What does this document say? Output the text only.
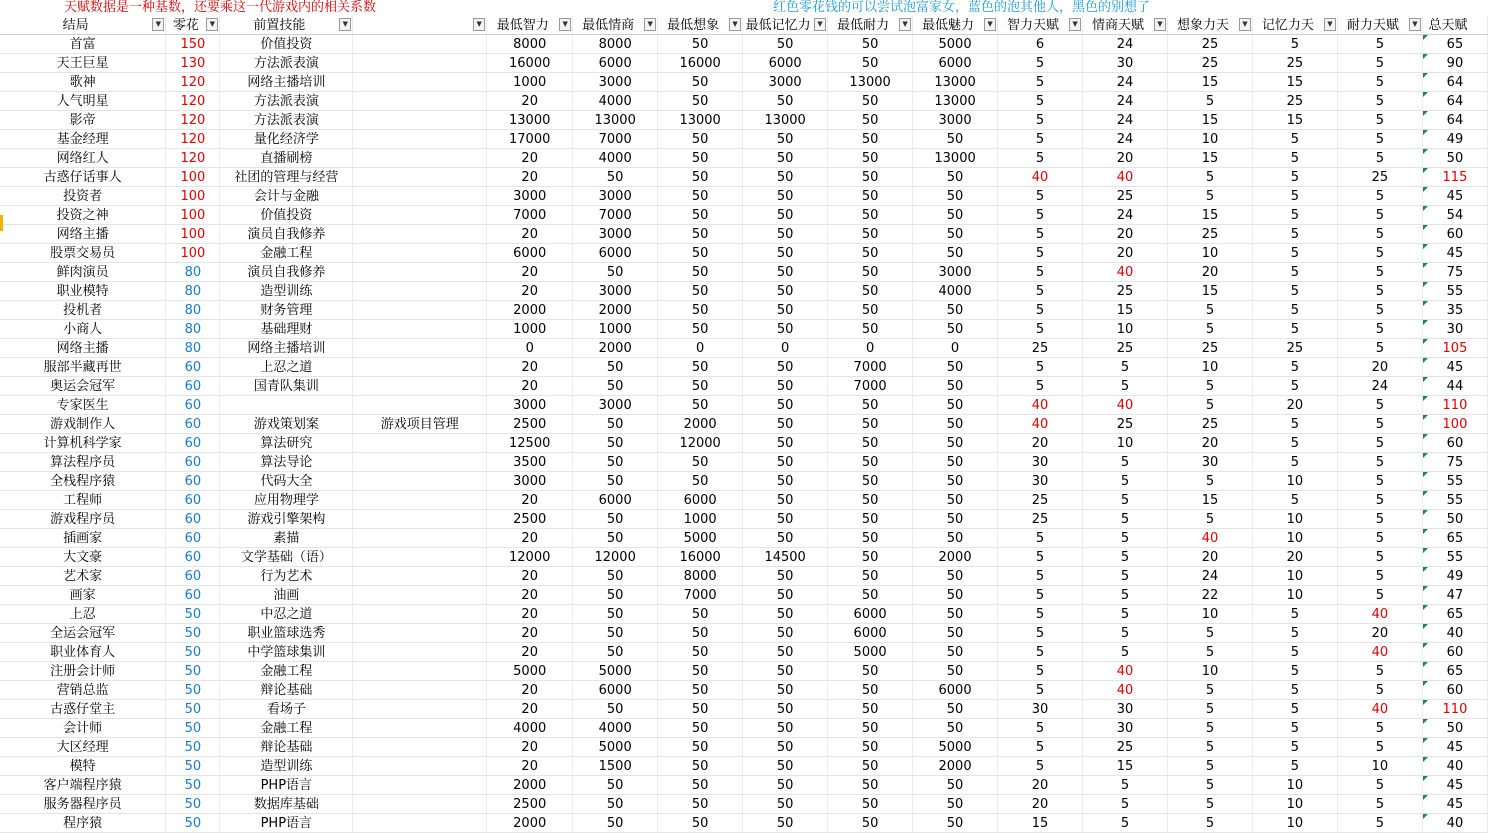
天赋数据是一种基数，还要乘这一代游戏内的相关系数	红色零花钱的可以尝试泡富家女，蓝色的泡其他人，黑色的别想了
结局 ▼	零花 ▼	前置技能 ▼	▼	最低智力 ▼	最低情商 ▼	最低想象 ▼	最低记忆力 ▼	最低耐力 ▼	最低魅力 ▼	智力天赋 ▼	情商天赋 ▼	想象力天 ▼	记忆力天 ▼	耐力天赋 ▼	总天赋

首富	150	价值投资		8000	8000	50	50	50	5000	6	24	25	5	5	65
天王巨星	130	方法派表演		16000	6000	16000	6000	50	6000	5	30	25	25	5	90
歌神	120	网络主播培训		1000	3000	50	3000	13000	13000	5	24	15	15	5	64
人气明星	120	方法派表演		20	4000	50	50	50	13000	5	24	5	25	5	64
影帝	120	方法派表演		13000	13000	13000	13000	50	3000	5	24	15	15	5	64
基金经理	120	量化经济学		17000	7000	50	50	50	50	5	24	10	5	5	49
网络红人	120	直播刷榜		20	4000	50	50	50	13000	5	20	15	5	5	50
古惑仔话事人	100	社团的管理与经营		20	50	50	50	50	50	40	40	5	5	25	115
投资者	100	会计与金融		3000	3000	50	50	50	50	5	25	5	5	5	45
投资之神	100	价值投资		7000	7000	50	50	50	50	5	24	15	5	5	54
网络主播	100	演员自我修养		20	3000	50	50	50	50	5	20	25	5	5	60
股票交易员	100	金融工程		6000	6000	50	50	50	50	5	20	10	5	5	45
鲜肉演员	80	演员自我修养		20	50	50	50	50	3000	5	40	20	5	5	75
职业模特	80	造型训练		20	3000	50	50	50	4000	5	25	15	5	5	55
投机者	80	财务管理		2000	2000	50	50	50	50	5	15	5	5	5	35
小商人	80	基础理财		1000	1000	50	50	50	50	5	10	5	5	5	30
网络主播	80	网络主播培训		0	2000	0	0	0	0	25	25	25	25	5	105
服部半藏再世	60	上忍之道		20	50	50	50	7000	50	5	5	10	5	20	45
奥运会冠军	60	国青队集训		20	50	50	50	7000	50	5	5	5	5	24	44
专家医生	60			3000	3000	50	50	50	50	40	40	5	20	5	110
游戏制作人	60	游戏策划案	游戏项目管理	2500	50	2000	50	50	50	40	25	25	5	5	100
计算机科学家	60	算法研究		12500	50	12000	50	50	50	20	10	20	5	5	60
算法程序员	60	算法导论		3500	50	50	50	50	50	30	5	30	5	5	75
全栈程序猿	60	代码大全		3000	50	50	50	50	50	30	5	5	10	5	55
工程师	60	应用物理学		20	6000	6000	50	50	50	25	5	15	5	5	55
游戏程序员	60	游戏引擎架构		2500	50	1000	50	50	50	25	5	5	10	5	50
插画家	60	素描		20	50	5000	50	50	50	5	5	40	10	5	65
大文豪	60	文学基础（语）		12000	12000	16000	14500	50	2000	5	5	20	20	5	55
艺术家	60	行为艺术		20	50	8000	50	50	50	5	5	24	10	5	49
画家	60	油画		20	50	7000	50	50	50	5	5	22	10	5	47
上忍	50	中忍之道		20	50	50	50	6000	50	5	5	10	5	40	65
全运会冠军	50	职业篮球选秀		20	50	50	50	6000	50	5	5	5	5	20	40
职业体育人	50	中学篮球集训		20	50	50	50	5000	50	5	5	5	5	40	60
注册会计师	50	金融工程		5000	5000	50	50	50	50	5	40	10	5	5	65
营销总监	50	辩论基础		20	6000	50	50	50	6000	5	40	5	5	5	60
古惑仔堂主	50	看场子		20	50	50	50	50	50	30	30	5	5	40	110
会计师	50	金融工程		4000	4000	50	50	50	50	5	30	5	5	5	50
大区经理	50	辩论基础		20	5000	50	50	50	5000	5	25	5	5	5	45
模特	50	造型训练		20	1500	50	50	50	2000	5	15	5	5	10	40
客户端程序猿	50	PHP语言		2000	50	50	50	50	50	20	5	5	10	5	45
服务器程序员	50	数据库基础		2500	50	50	50	50	50	20	5	5	10	5	45
程序猿	50	PHP语言		2000	50	50	50	50	50	15	5	5	10	5	40
